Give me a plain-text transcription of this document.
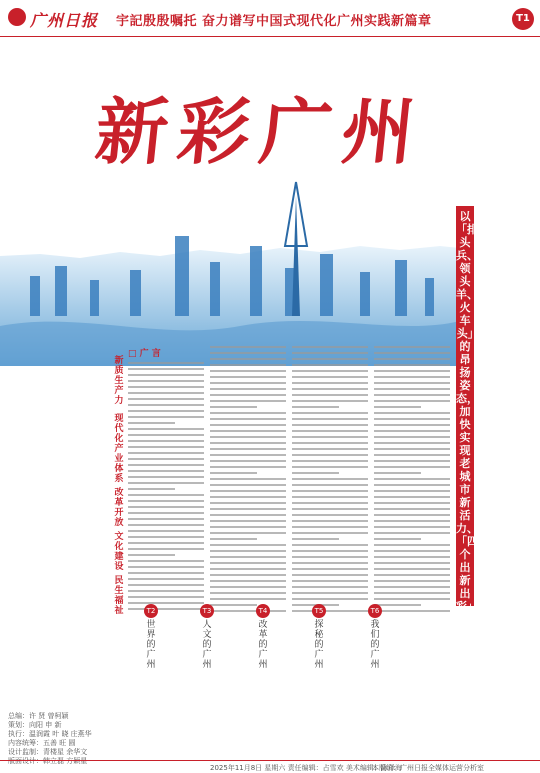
广州日报 宇記殷殷嘱托 奋力谱写中国式现代化广州实践新篇章	T1
新彩广州
以「排头兵、领头羊、火车头」的昂扬姿态，加快实现老城市新活力、「四个出新出彩」
新质生产力
现代化产业体系
改革开放
文化建设
民生福祉
□ 广 言
T2
世界的广州
T3
人文的广州
T4
改革的广州
T5
探秘的广州
T6
我们的广州
总编：许 贤 曾柯颖
策划：向阳 申 新
执行：温润霞 叶 晓 庄燕华
内容统筹：五善 旺 圆
设计监制：青楼星 余华文
版面设计：韩立磊 方颖星
2025年11月8日 星期六 责任编辑：占雪欢 美术编辑：陈泽海
本版统：广州日报全媒体运营分析室
